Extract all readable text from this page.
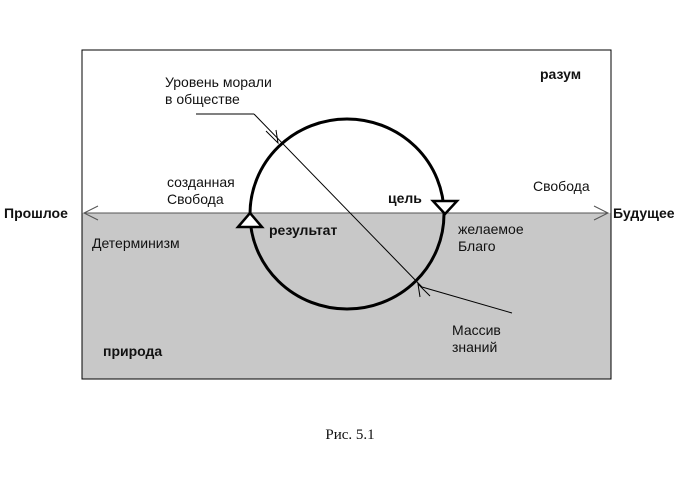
Уровень морали
в обществе
разум
созданная
Свобода	цель
Свобода
Прошлое	Будущее
результат	желаемое
Благо
Детерминизм
Массив
знаний
природа
Рис. 5.1
